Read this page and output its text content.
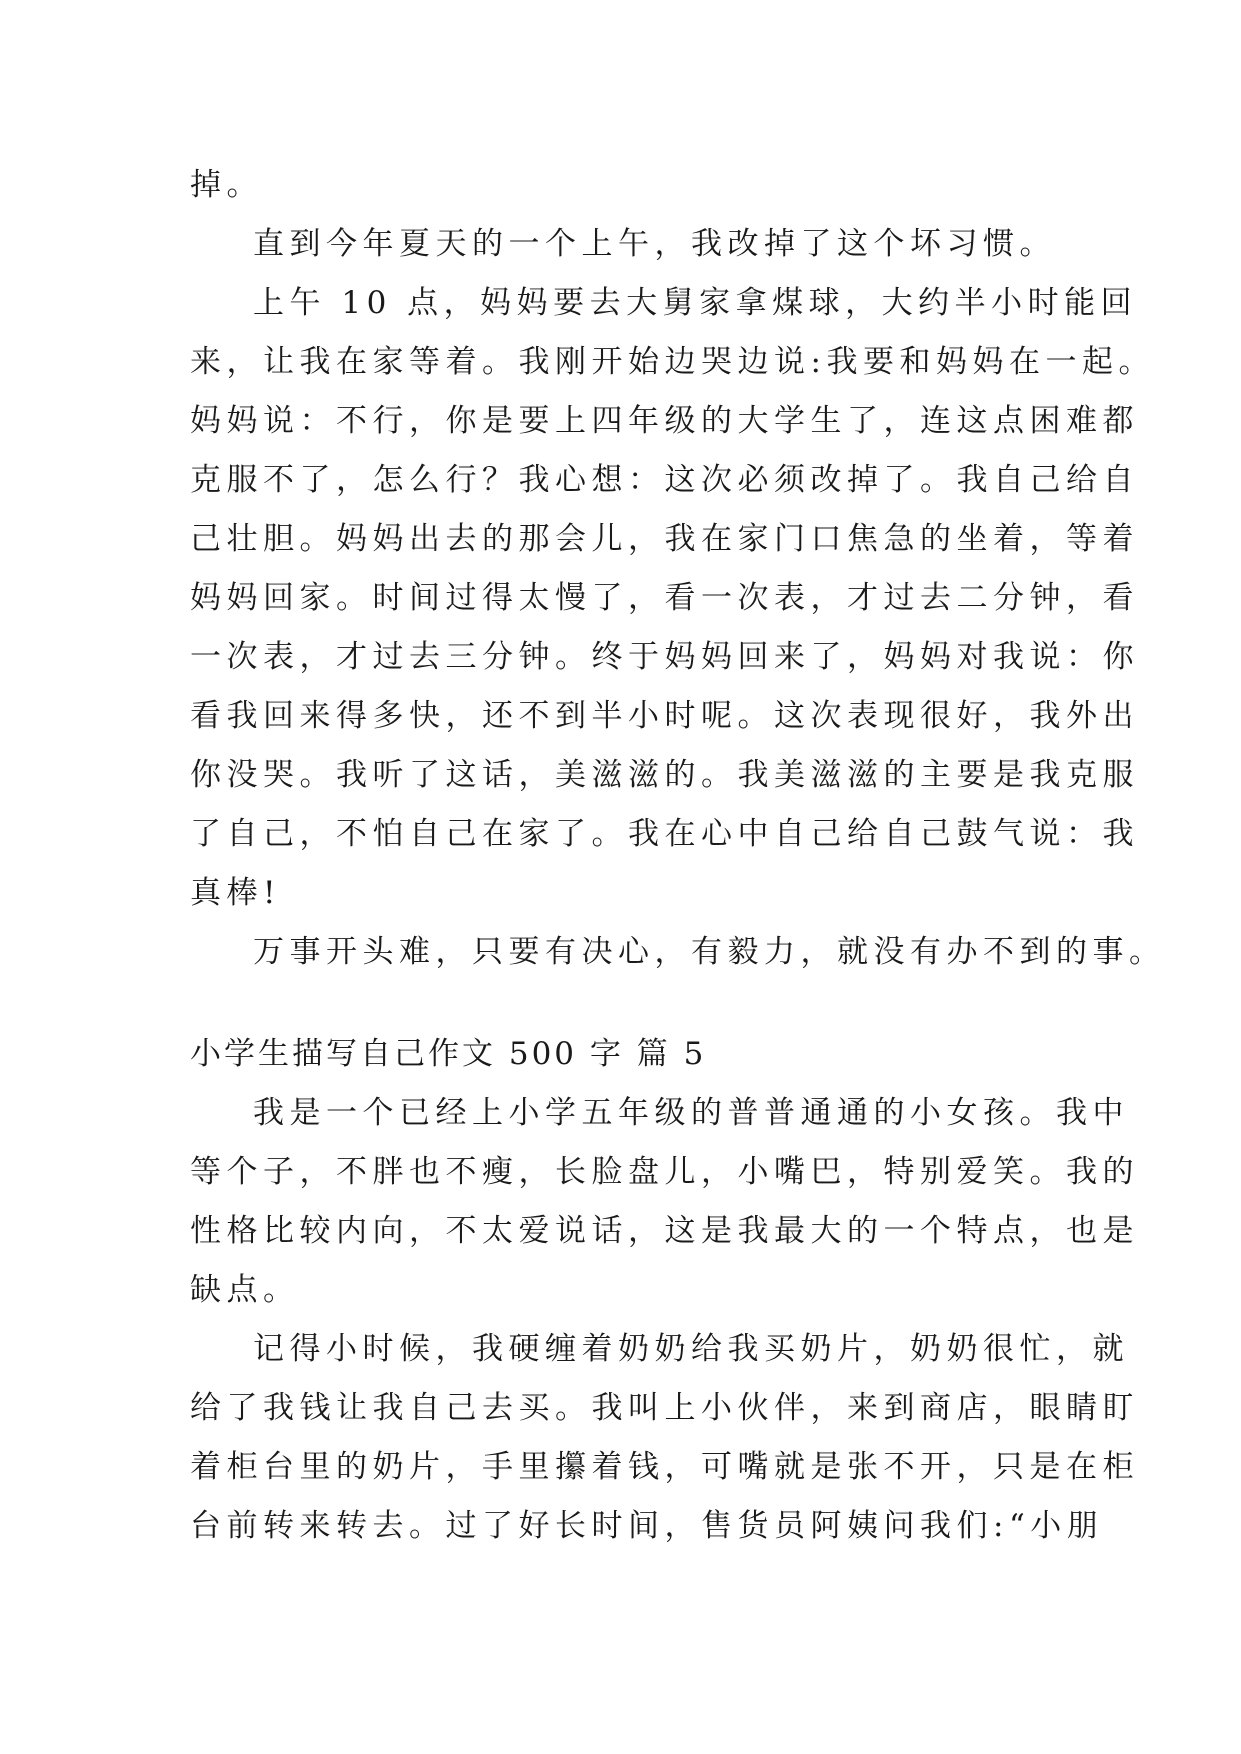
掉。
直到今年夏天的一个上午，我改掉了这个坏习惯。
上午 10 点，妈妈要去大舅家拿煤球，大约半小时能回
来，让我在家等着。我刚开始边哭边说:我要和妈妈在一起。
妈妈说：不行，你是要上四年级的大学生了，连这点困难都
克服不了，怎么行？我心想：这次必须改掉了。我自己给自
己壮胆。妈妈出去的那会儿，我在家门口焦急的坐着，等着
妈妈回家。时间过得太慢了，看一次表，才过去二分钟，看
一次表，才过去三分钟。终于妈妈回来了，妈妈对我说：你
看我回来得多快，还不到半小时呢。这次表现很好，我外出
你没哭。我听了这话，美滋滋的。我美滋滋的主要是我克服
了自己，不怕自己在家了。我在心中自己给自己鼓气说：我
真棒!
万事开头难，只要有决心，有毅力，就没有办不到的事。
小学生描写自己作文 500 字 篇 5
我是一个已经上小学五年级的普普通通的小女孩。我中
等个子，不胖也不瘦，长脸盘儿，小嘴巴，特别爱笑。我的
性格比较内向，不太爱说话，这是我最大的一个特点，也是
缺点。
记得小时候，我硬缠着奶奶给我买奶片，奶奶很忙，就
给了我钱让我自己去买。我叫上小伙伴，来到商店，眼睛盯
着柜台里的奶片，手里攥着钱，可嘴就是张不开，只是在柜
台前转来转去。过了好长时间，售货员阿姨问我们:“小朋
